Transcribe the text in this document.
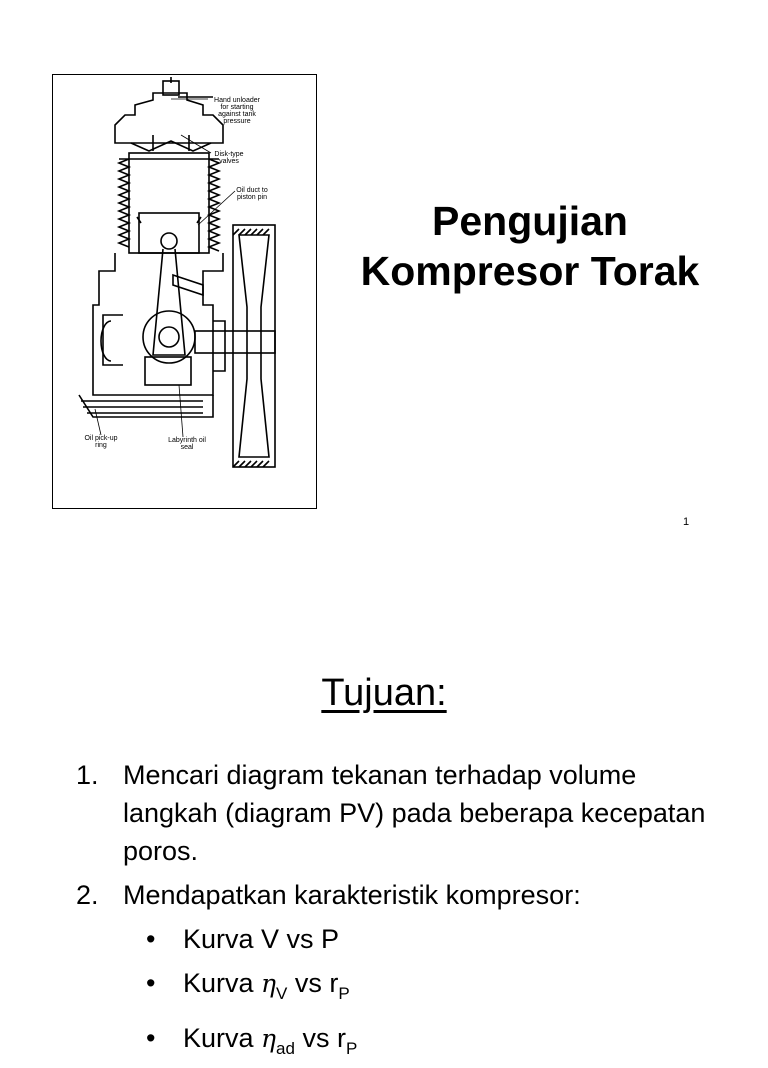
Hand unloader for starting against tank pressure
Disk-type valves
Oil duct to piston pin
Oil pick-up ring
Labyrinth oil seal
Pengujian
Kompresor Torak
1
Tujuan:
1. Mencari diagram tekanan terhadap volume langkah (diagram PV) pada beberapa kecepatan poros.
2. Mendapatkan karakteristik kompresor:
• Kurva V vs P
• Kurva $\eta_V$ vs $r_P$
• Kurva $\eta_{ad}$ vs $r_P$
